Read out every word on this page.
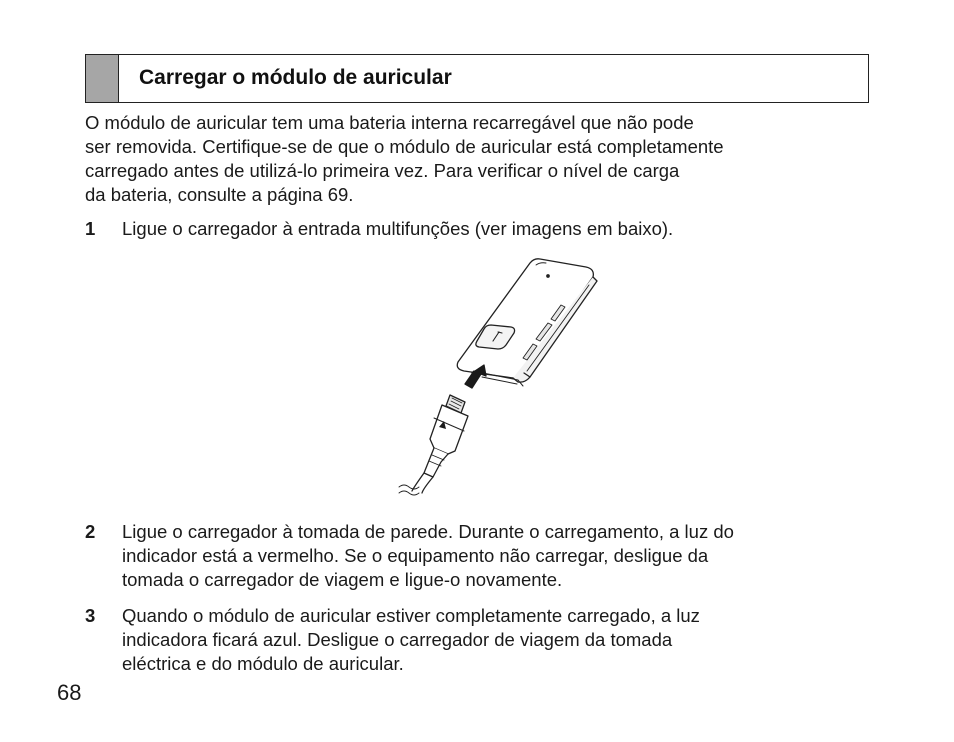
Carregar o módulo de auricular

O módulo de auricular tem uma bateria interna recarregável que não pode
ser removida. Certifique-se de que o módulo de auricular está completamente
carregado antes de utilizá-lo primeira vez. Para verificar o nível de carga
da bateria, consulte a página 69.

1 Ligue o carregador à entrada multifunções (ver imagens em baixo).
2 Ligue o carregador à tomada de parede. Durante o carregamento, a luz do
indicador está a vermelho. Se o equipamento não carregar, desligue da
tomada o carregador de viagem e ligue-o novamente.
3 Quando o módulo de auricular estiver completamente carregado, a luz
indicadora ficará azul. Desligue o carregador de viagem da tomada
eléctrica e do módulo de auricular.
68
